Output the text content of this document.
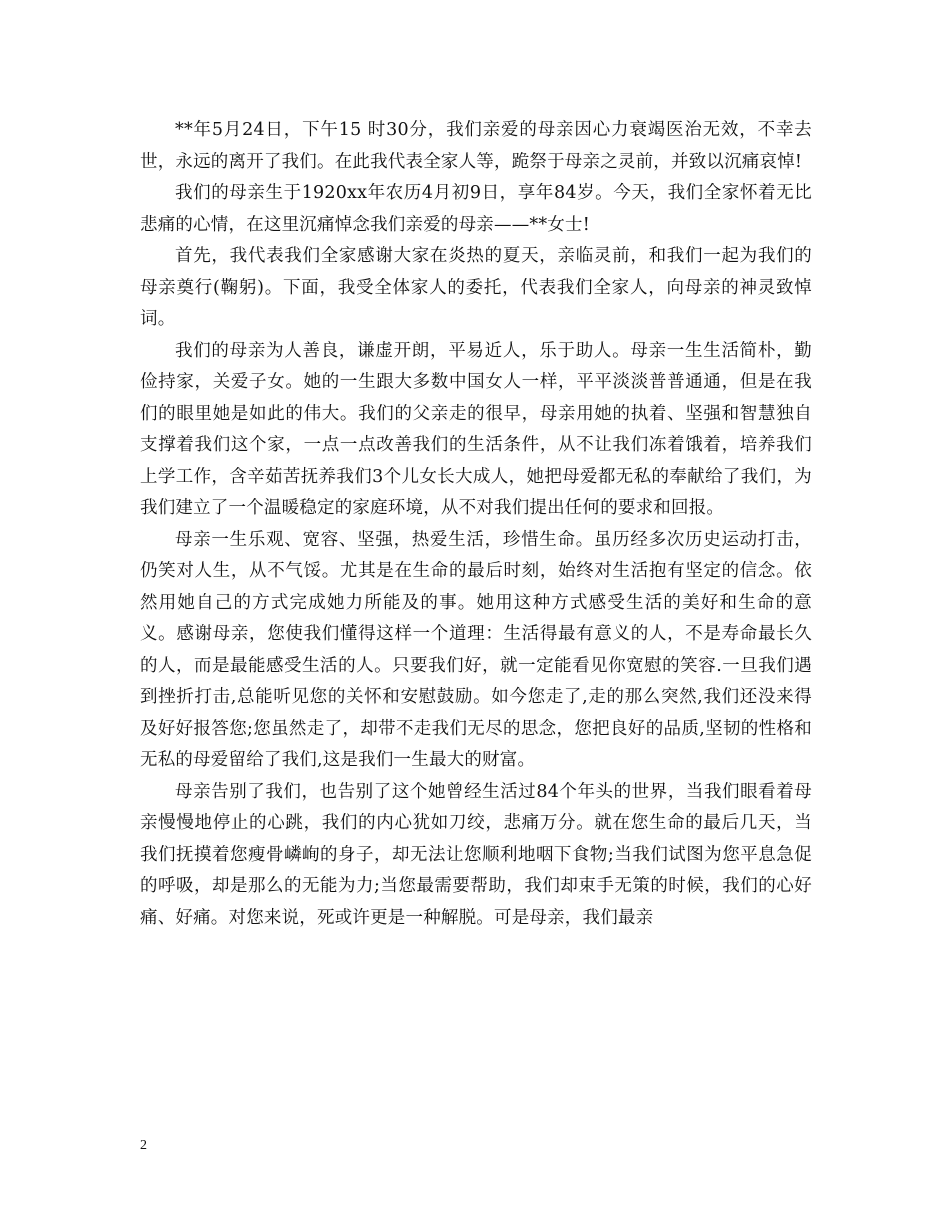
**年5月24日，下午15 时30分，我们亲爱的母亲因心力衰竭医治无效，不幸去世，永远的离开了我们。在此我代表全家人等，跪祭于母亲之灵前，并致以沉痛哀悼!

我们的母亲生于1920xx年农历4月初9日，享年84岁。今天，我们全家怀着无比悲痛的心情，在这里沉痛悼念我们亲爱的母亲——**女士!

首先，我代表我们全家感谢大家在炎热的夏天，亲临灵前，和我们一起为我们的母亲奠行(鞠躬)。下面，我受全体家人的委托，代表我们全家人，向母亲的神灵致悼词。

我们的母亲为人善良，谦虚开朗，平易近人，乐于助人。母亲一生生活简朴，勤俭持家，关爱子女。她的一生跟大多数中国女人一样，平平淡淡普普通通，但是在我们的眼里她是如此的伟大。我们的父亲走的很早，母亲用她的执着、坚强和智慧独自支撑着我们这个家，一点一点改善我们的生活条件，从不让我们冻着饿着，培养我们上学工作，含辛茹苦抚养我们3个儿女长大成人，她把母爱都无私的奉献给了我们，为我们建立了一个温暖稳定的家庭环境，从不对我们提出任何的要求和回报。

母亲一生乐观、宽容、坚强，热爱生活，珍惜生命。虽历经多次历史运动打击，仍笑对人生，从不气馁。尤其是在生命的最后时刻，始终对生活抱有坚定的信念。依然用她自己的方式完成她力所能及的事。她用这种方式感受生活的美好和生命的意义。感谢母亲，您使我们懂得这样一个道理：生活得最有意义的人，不是寿命最长久的人，而是最能感受生活的人。只要我们好，就一定能看见你宽慰的笑容.一旦我们遇到挫折打击,总能听见您的关怀和安慰鼓励。如今您走了,走的那么突然,我们还没来得及好好报答您;您虽然走了，却带不走我们无尽的思念，您把良好的品质,坚韧的性格和无私的母爱留给了我们,这是我们一生最大的财富。

母亲告别了我们，也告别了这个她曾经生活过84个年头的世界，当我们眼看着母亲慢慢地停止的心跳，我们的内心犹如刀绞，悲痛万分。就在您生命的最后几天，当我们抚摸着您瘦骨嶙峋的身子，却无法让您顺利地咽下食物;当我们试图为您平息急促的呼吸，却是那么的无能为力;当您最需要帮助，我们却束手无策的时候，我们的心好痛、好痛。对您来说，死或许更是一种解脱。可是母亲，我们最亲

2
